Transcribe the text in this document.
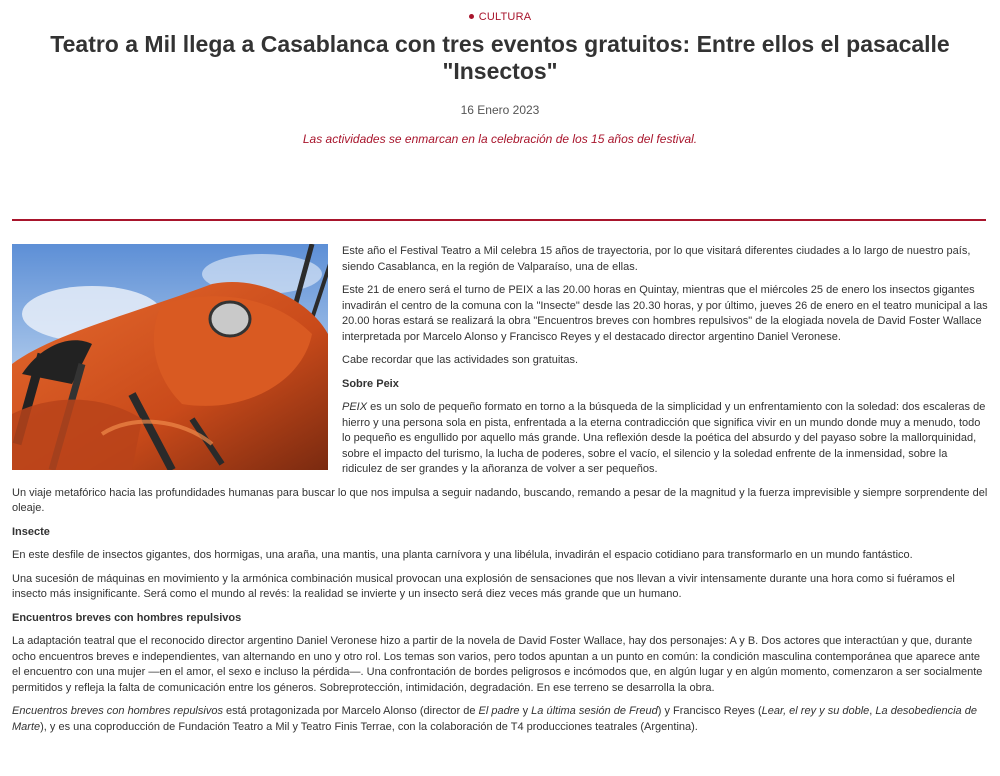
CULTURA
Teatro a Mil llega a Casablanca con tres eventos gratuitos: Entre ellos el pasacalle "Insectos"
16 Enero 2023
Las actividades se enmarcan en la celebración de los 15 años del festival.

Este año el Festival Teatro a Mil celebra 15 años de trayectoria, por lo que visitará diferentes ciudades a lo largo de nuestro país, siendo Casablanca, en la región de Valparaíso, una de ellas.

Este 21 de enero será el turno de PEIX a las 20.00 horas en Quintay, mientras que el miércoles 25 de enero los insectos gigantes invadirán el centro de la comuna con la "Insecte" desde las 20.30 horas, y por último, jueves 26 de enero en el teatro municipal a las 20.00 horas estará se realizará la obra "Encuentros breves con hombres repulsivos" de la elogiada novela de David Foster Wallace interpretada por Marcelo Alonso y Francisco Reyes y el destacado director argentino Daniel Veronese.

Cabe recordar que las actividades son gratuitas.

Sobre Peix

PEIX es un solo de pequeño formato en torno a la búsqueda de la simplicidad y un enfrentamiento con la soledad: dos escaleras de hierro y una persona sola en pista, enfrentada a la eterna contradicción que significa vivir en un mundo donde muy a menudo, todo lo pequeño es engullido por aquello más grande. Una reflexión desde la poética del absurdo y del payaso sobre la mallorquinidad, sobre el impacto del turismo, la lucha de poderes, sobre el vacío, el silencio y la soledad enfrente de la inmensidad, sobre la ridiculez de ser grandes y la añoranza de volver a ser pequeños.

Un viaje metafórico hacia las profundidades humanas para buscar lo que nos impulsa a seguir nadando, buscando, remando a pesar de la magnitud y la fuerza imprevisible y siempre sorprendente del oleaje.

Insecte

En este desfile de insectos gigantes, dos hormigas, una araña, una mantis, una planta carnívora y una libélula, invadirán el espacio cotidiano para transformarlo en un mundo fantástico.

Una sucesión de máquinas en movimiento y la armónica combinación musical provocan una explosión de sensaciones que nos llevan a vivir intensamente durante una hora como si fuéramos el insecto más insignificante. Será como el mundo al revés: la realidad se invierte y un insecto será diez veces más grande que un humano.

Encuentros breves con hombres repulsivos

La adaptación teatral que el reconocido director argentino Daniel Veronese hizo a partir de la novela de David Foster Wallace, hay dos personajes: A y B. Dos actores que interactúan y que, durante ocho encuentros breves e independientes, van alternando en uno y otro rol. Los temas son varios, pero todos apuntan a un punto en común: la condición masculina contemporánea que aparece ante el encuentro con una mujer —en el amor, el sexo e incluso la pérdida—. Una confrontación de bordes peligrosos e incómodos que, en algún lugar y en algún momento, comenzaron a ser socialmente permitidos y refleja la falta de comunicación entre los géneros. Sobreprotección, intimidación, degradación. En ese terreno se desarrolla la obra.

Encuentros breves con hombres repulsivos está protagonizada por Marcelo Alonso (director de El padre y La última sesión de Freud) y Francisco Reyes (Lear, el rey y su doble, La desobediencia de Marte), y es una coproducción de Fundación Teatro a Mil y Teatro Finis Terrae, con la colaboración de T4 producciones teatrales (Argentina).
